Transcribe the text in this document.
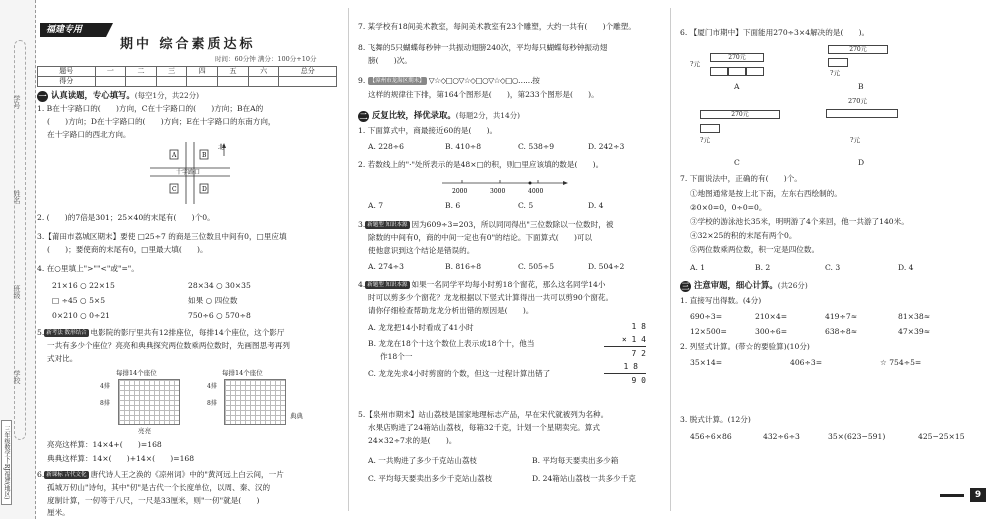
学号
姓名
班级
学校
三年级数学下·RJ福建(地区)
福建专用
期中 综合素质达标
时间：60分钟 满分：100分+10分
题号	一	二	三	四	五	六	总分
得分							
一 认真读题，专心填写。(每空1分，共22分)
1. B在十字路口的(　　)方向，C在十字路口的(　　)方向；B在A的
(　　)方向；D在十字路口的(　　)方向；E在十字路口的东南方向，
在十字路口的西北方向。
北
A	B
C	D
十字路口
2. (　　)的7倍是301；25×40的末尾有(　　)个0。
3.【莆田市荔城区期末】要使 □25÷7 的商是三位数且中间有0，□里应填
(　　)；要使商的末尾有0，□里最大填(　　)。
4. 在○里填上">""<"或"="。
21×16 ○ 22×15	28×34 ○ 30×35
□ ÷45 ○ 5×5	如果 ○ 四位数
0×210 ○ 0÷21	750÷6 ○ 570÷8
5. 新考法 数形结合 电影院的影厅里共有12排座位，每排14个座位，这个影厅
一共有多少个座位？亮亮和典典探究两位数乘两位数时，先画图思考再列
式对比。
每排14个座位	每排14个座位
4排
8排
4排
8排
亮亮
典典
亮亮这样算：14×4+(　　)=168
典典这样算：14×(　　)+14×(　　)=168
6. 新课标 古代文化 唐代诗人王之涣的《凉州词》中的"黄河远上白云间，一片
孤城万仞山"诗句，其中"仞"是古代一个长度单位，以周、秦、汉的
度制计算，一仞等于八尺，一尺是33厘米，则"一仞"就是(　　)
厘米。
7. 某学校有18间美术教室，每间美术教室有23个雕塑，大约一共有(　　)个雕塑。
8. 飞舞的5只蝴蝶每秒钟一共振动翅膀240次，平均每只蝴蝶每秒钟振动翅
膀(　　)次。
9. 【漳州市龙海区期末】 ▽☆◇□○▽☆◇□○▽☆◇□○……按
这样的规律往下排，第164个图形是(　　)，第233个图形是(　　)。
二 反复比较，择优录取。(每题2分，共14分)
1. 下面算式中，商最接近60的是(　　)。
A. 228÷6	B. 410÷8	C. 538÷9	D. 242÷3
2. 若数线上的"·"处所表示的是48×□的积，则□里应该填的数是(　　)。
2000	3000	4000
A. 7	B. 6	C. 5	D. 4
3. 新题型 知识本源 因为609÷3=203，所以同同得出"三位数除以一位数时，被
除数的中间有0，商的中间一定也有0"的结论。下面算式(　　)可以
使他意识到这个结论是错误的。
A. 274÷3	B. 816÷8	C. 505÷5	D. 504÷2
4. 新题型 知识本源 如果一名同学平均每小时剪18个窗花，那么这名同学14小
时可以剪多少个窗花？龙龙根据以下竖式计算得出一共可以剪90个窗花。
请你仔细检查帮助龙龙分析出错的原因是(　　)。
A. 龙龙把14小时看成了41小时
B. 龙龙在18个十这个数位上表示成18个十，他当
作18个一
C. 龙龙先求4小时剪窗的个数，但这一过程计算出错了
1 8
× 1 4
7 2
1 8
9 0
5.【泉州市期末】站山荔枝是国家地理标志产品，早在宋代就被列为名种。
水果店购进了24箱站山荔枝，每箱32千克，计划一个星期卖完。算式
24×32÷7求的是(　　)。
A. 一共购进了多少千克站山荔枝	B. 平均每天要卖出多少箱
C. 平均每天要卖出多少千克站山荔枝	D. 24箱站山荔枝一共多少千克
6. 【厦门市期中】下面能用270÷3×4解决的是(　　)。
270元
?元
A
270元
?元
B
270元
?元
C
270元
?元
D
7. 下面说法中，正确的有(　　)个。
①地图通常是按上北下南，左东右西绘制的。
②0×0=0，0÷0=0。
③学校的游泳池长35米，明明游了4个来回，他一共游了140米。
④32×25的积的末尾有两个0。
⑤两位数乘两位数，积一定是四位数。
A. 1	B. 2	C. 3	D. 4
三 注意审题，细心计算。(共26分)
1. 直接写出得数。(4分)
690÷3=	210×4=	419÷7≈	81×38≈
12×500=	300÷6=	638÷8≈	47×39≈
2. 列竖式计算。(带☆的要验算)(10分)
35×14=	406÷3=	☆ 754÷5=
3. 脱式计算。(12分)
456÷6×86	432÷6÷3	35×(623−591)	425−25×15
9
